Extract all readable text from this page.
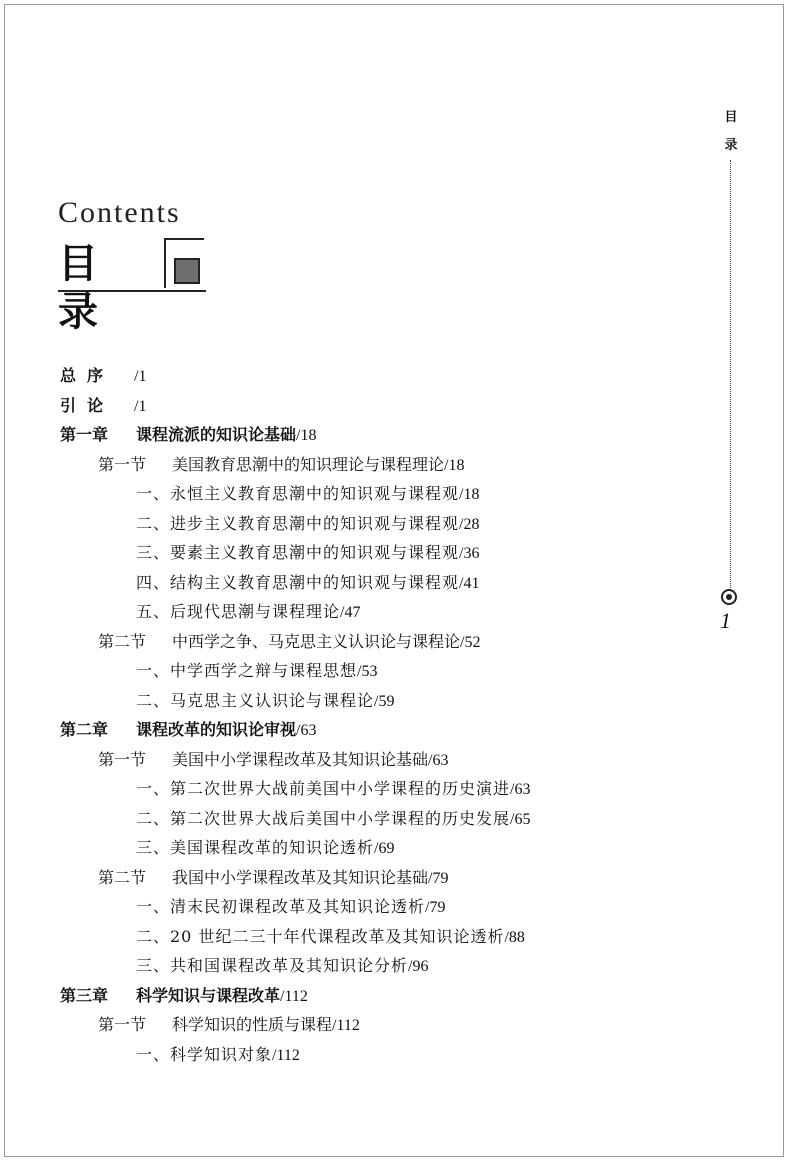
Contents
目 录
目录
1
总序 /1
引论 /1
第一章 课程流派的知识论基础/18
第一节 美国教育思潮中的知识理论与课程理论/18
一、永恒主义教育思潮中的知识观与课程观/18
二、进步主义教育思潮中的知识观与课程观/28
三、要素主义教育思潮中的知识观与课程观/36
四、结构主义教育思潮中的知识观与课程观/41
五、后现代思潮与课程理论/47
第二节 中西学之争、马克思主义认识论与课程论/52
一、中学西学之辩与课程思想/53
二、马克思主义认识论与课程论/59
第二章 课程改革的知识论审视/63
第一节 美国中小学课程改革及其知识论基础/63
一、第二次世界大战前美国中小学课程的历史演进/63
二、第二次世界大战后美国中小学课程的历史发展/65
三、美国课程改革的知识论透析/69
第二节 我国中小学课程改革及其知识论基础/79
一、清末民初课程改革及其知识论透析/79
二、20 世纪二三十年代课程改革及其知识论透析/88
三、共和国课程改革及其知识论分析/96
第三章 科学知识与课程改革/112
第一节 科学知识的性质与课程/112
一、科学知识对象/112
